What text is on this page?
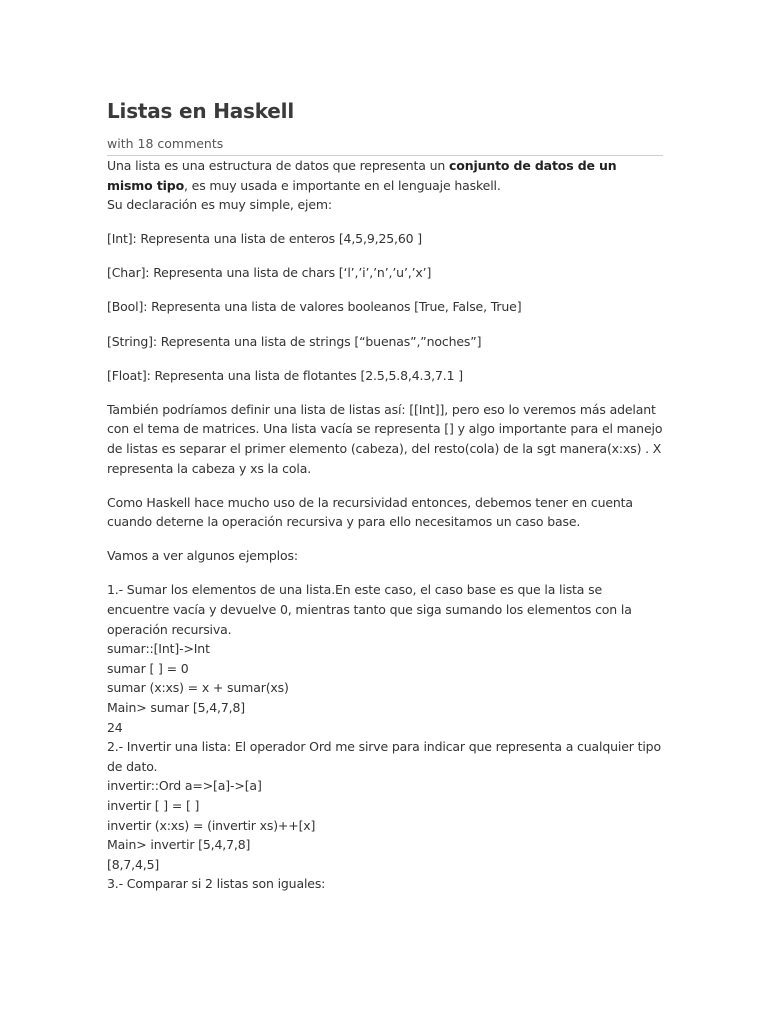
Listas en Haskell
with 18 comments

Una lista es una estructura de datos que representa un conjunto de datos de un mismo tipo, es muy usada e importante en el lenguaje haskell.
Su declaración es muy simple, ejem:

[Int]: Representa una lista de enteros [4,5,9,25,60 ]

[Char]: Representa una lista de chars [‘l’,’i’,’n’,’u’,’x’]

[Bool]: Representa una lista de valores booleanos [True, False, True]

[String]: Representa una lista de strings [“buenas”,”noches”]

[Float]: Representa una lista de flotantes [2.5,5.8,4.3,7.1 ]

También podríamos definir una lista de listas así: [[Int]], pero eso lo veremos más adelant con el tema de matrices. Una lista vacía se representa [] y algo importante para el manejo de listas es separar el primer elemento (cabeza), del resto(cola) de la sgt manera(x:xs) . X representa la cabeza y xs la cola.

Como Haskell hace mucho uso de la recursividad entonces, debemos tener en cuenta cuando deterne la operación recursiva y para ello necesitamos un caso base.

Vamos a ver algunos ejemplos:

1.- Sumar los elementos de una lista.En este caso, el caso base es que la lista se encuentre vacía y devuelve 0, mientras tanto que siga sumando los elementos con la operación recursiva.

sumar::[Int]->Int

sumar [ ] = 0

sumar (x:xs) = x + sumar(xs)

Main> sumar [5,4,7,8]

24

2.- Invertir una lista: El operador Ord me sirve para indicar que representa a cualquier tipo de dato.

invertir::Ord a=>[a]->[a]

invertir [ ] = [ ]

invertir (x:xs) = (invertir xs)++[x]

Main> invertir [5,4,7,8]

[8,7,4,5]

3.- Comparar si 2 listas son iguales:
